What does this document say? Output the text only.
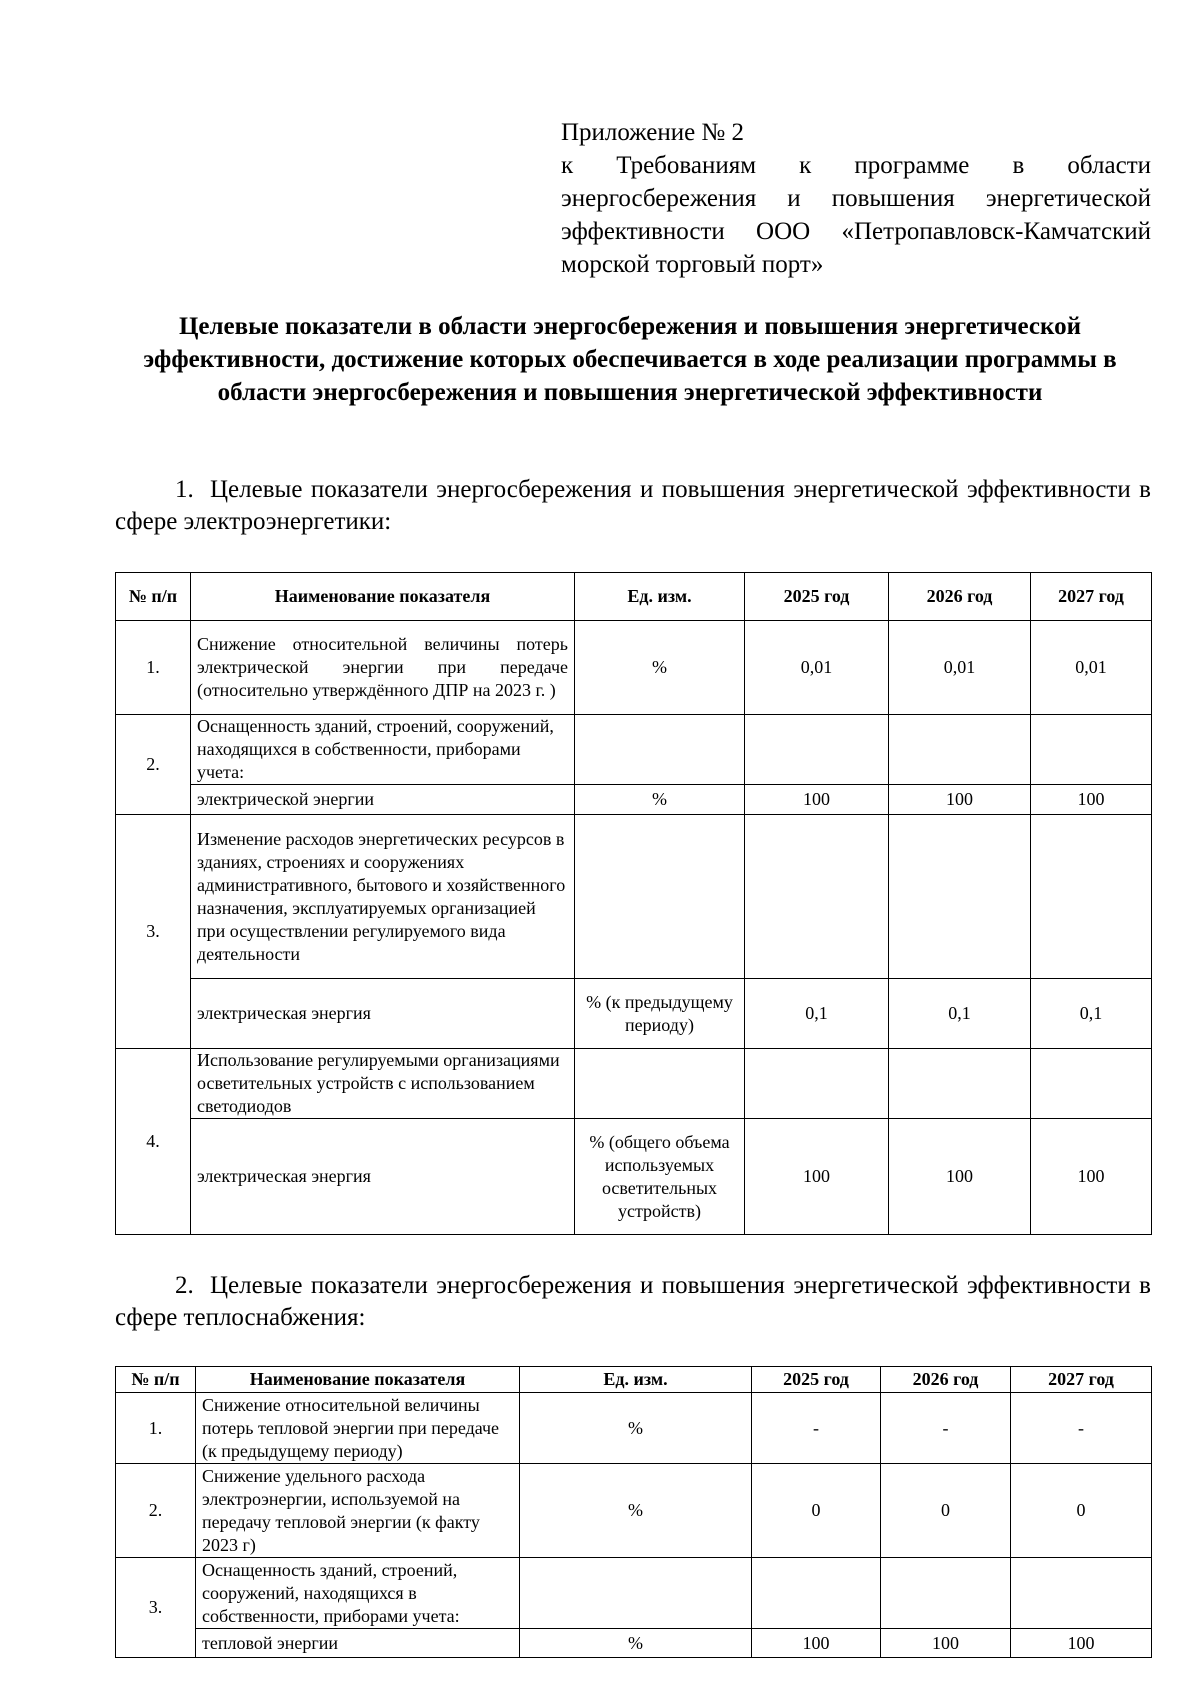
Приложение № 2
к Требованиям к программе в области энергосбережения и повышения энергетической эффективности ООО «Петропавловск-Камчатский морской торговый порт»
Целевые показатели в области энергосбережения и повышения энергетической эффективности, достижение которых обеспечивается в ходе реализации программы в области энергосбережения и повышения энергетической эффективности
1. Целевые показатели энергосбережения и повышения энергетической эффективности в сфере электроэнергетики:
№ п/п	Наименование показателя	Ед. изм.	2025 год	2026 год	2027 год
1.	Снижение относительной величины потерь электрической энергии при передаче (относительно утверждённого ДПР на 2023 г. )	%	0,01	0,01	0,01
2.	Оснащенность зданий, строений, сооружений, находящихся в собственности, приборами учета:				
	электрической энергии	%	100	100	100
3.	Изменение расходов энергетических ресурсов в зданиях, строениях и сооружениях административного, бытового и хозяйственного назначения, эксплуатируемых организацией при осуществлении регулируемого вида деятельности				
	электрическая энергия	% (к предыдущему периоду)	0,1	0,1	0,1
4.	Использование регулируемыми организациями осветительных устройств с использованием светодиодов				
	электрическая энергия	% (общего объема используемых осветительных устройств)	100	100	100
2. Целевые показатели энергосбережения и повышения энергетической эффективности в сфере теплоснабжения:
№ п/п	Наименование показателя	Ед. изм.	2025 год	2026 год	2027 год
1.	Снижение относительной величины потерь тепловой энергии при передаче (к предыдущему периоду)	%	-	-	-
2.	Снижение удельного расхода электроэнергии, используемой на передачу тепловой энергии (к факту 2023 г)	%	0	0	0
3.	Оснащенность зданий, строений, сооружений, находящихся в собственности, приборами учета:				
	тепловой энергии	%	100	100	100
